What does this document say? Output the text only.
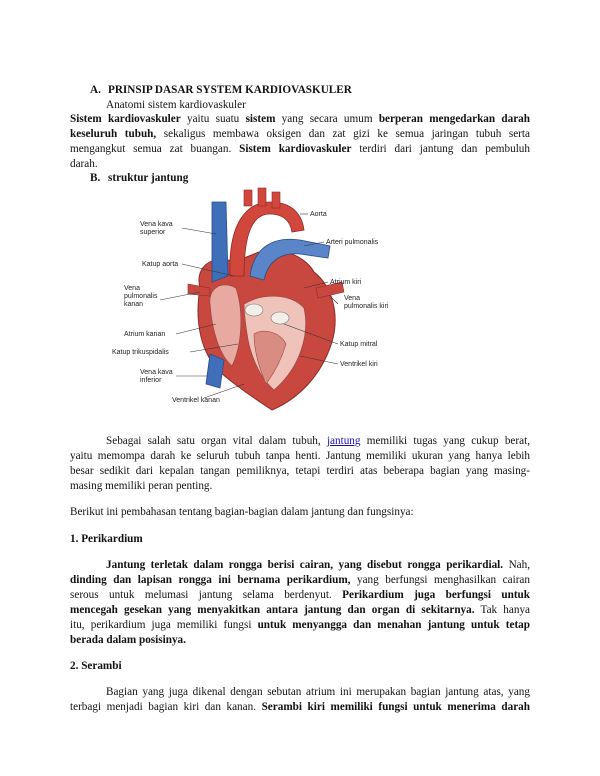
A. PRINSIP DASAR SYSTEM KARDIOVASKULER
Anatomi sistem kardiovaskuler
Sistem kardiovaskuler yaitu suatu sistem yang secara umum berperan mengedarkan darah
keseluruh tubuh, sekaligus membawa oksigen dan zat gizi ke semua jaringan tubuh serta
mengangkut semua zat buangan. Sistem kardiovaskuler terdiri dari jantung dan pembuluh
darah.
B. struktur jantung
Aorta
Vena kava
superior
Arteri pulmonalis
Katup aorta
Atrium kiri
Vena
pulmonalis
kanan
Vena
pulmonalis kiri
Atrium kanan
Katup mitral
Katup trikuspidalis
Ventrikel kiri
Vena kava
inferior
Ventrikel kanan
Sebagai salah satu organ vital dalam tubuh, jantung memiliki tugas yang cukup berat,
yaitu memompa darah ke seluruh tubuh tanpa henti. Jantung memiliki ukuran yang hanya lebih
besar sedikit dari kepalan tangan pemiliknya, tetapi terdiri atas beberapa bagian yang masing-
masing memiliki peran penting.
Berikut ini pembahasan tentang bagian-bagian dalam jantung dan fungsinya:
1. Perikardium
Jantung terletak dalam rongga berisi cairan, yang disebut rongga perikardial. Nah,
dinding dan lapisan rongga ini bernama perikardium, yang berfungsi menghasilkan cairan
serous untuk melumasi jantung selama berdenyut. Perikardium juga berfungsi untuk
mencegah gesekan yang menyakitkan antara jantung dan organ di sekitarnya. Tak hanya
itu, perikardium juga memiliki fungsi untuk menyangga dan menahan jantung untuk tetap
berada dalam posisinya.
2. Serambi
Bagian yang juga dikenal dengan sebutan atrium ini merupakan bagian jantung atas, yang
terbagi menjadi bagian kiri dan kanan. Serambi kiri memiliki fungsi untuk menerima darah
